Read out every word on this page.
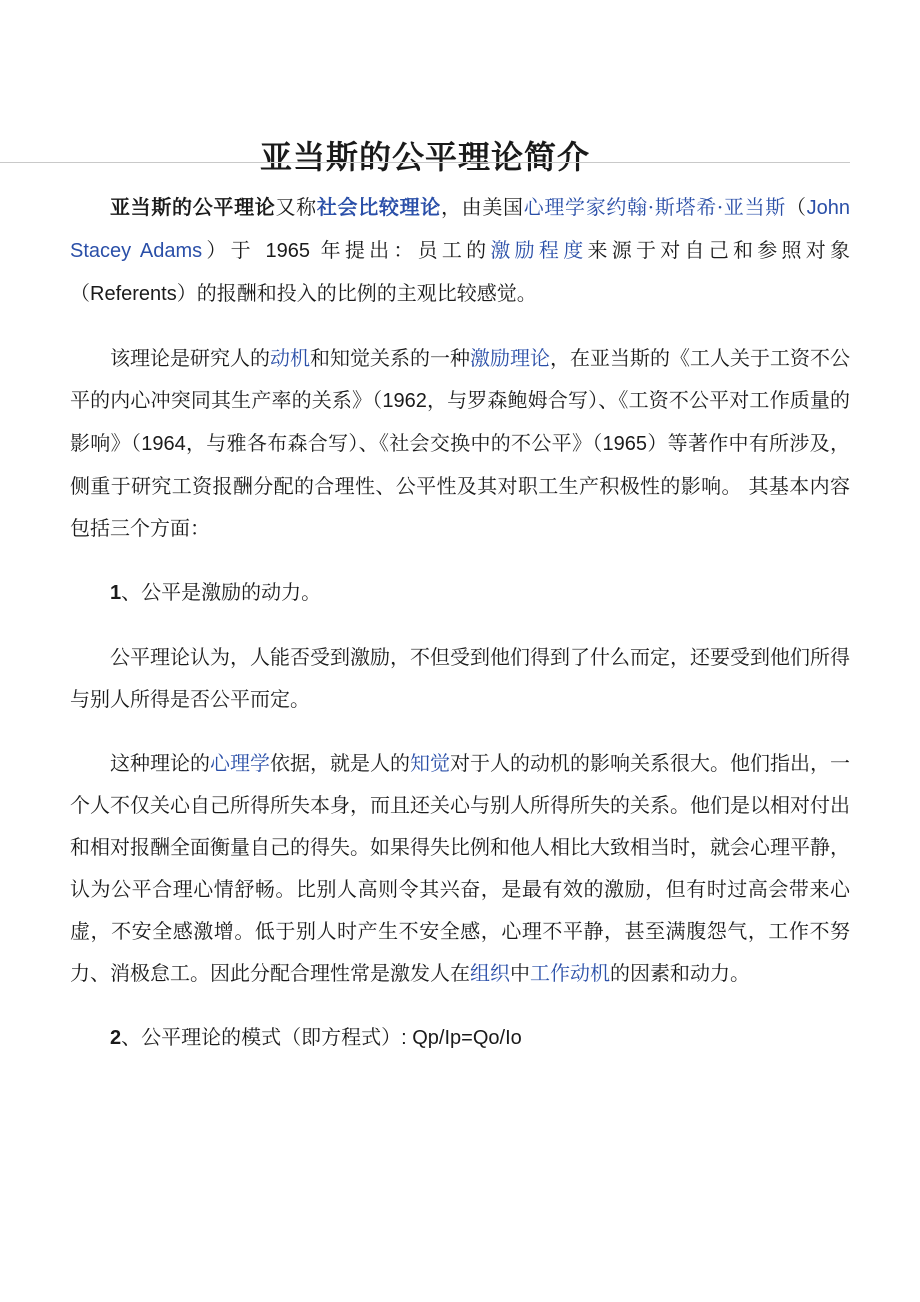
亚当斯的公平理论简介

亚当斯的公平理论又称社会比较理论，由美国心理学家约翰·斯塔希·亚当斯（John Stacey Adams）于 1965 年提出：员工的激励程度来源于对自己和参照对象（Referents）的报酬和投入的比例的主观比较感觉。

该理论是研究人的动机和知觉关系的一种激励理论，在亚当斯的《工人关于工资不公平的内心冲突同其生产率的关系》（1962，与罗森鲍姆合写）、《工资不公平对工作质量的影响》（1964，与雅各布森合写）、《社会交换中的不公平》（1965）等著作中有所涉及，侧重于研究工资报酬分配的合理性、公平性及其对职工生产积极性的影响。 其基本内容包括三个方面：

1、公平是激励的动力。

公平理论认为，人能否受到激励，不但受到他们得到了什么而定，还要受到他们所得与别人所得是否公平而定。

这种理论的心理学依据，就是人的知觉对于人的动机的影响关系很大。他们指出，一个人不仅关心自己所得所失本身，而且还关心与别人所得所失的关系。他们是以相对付出和相对报酬全面衡量自己的得失。如果得失比例和他人相比大致相当时，就会心理平静，认为公平合理心情舒畅。比别人高则令其兴奋，是最有效的激励，但有时过高会带来心虚，不安全感激增。低于别人时产生不安全感，心理不平静，甚至满腹怨气，工作不努力、消极怠工。因此分配合理性常是激发人在组织中工作动机的因素和动力。

2、公平理论的模式（即方程式）: Qp/Ip=Qo/Io
